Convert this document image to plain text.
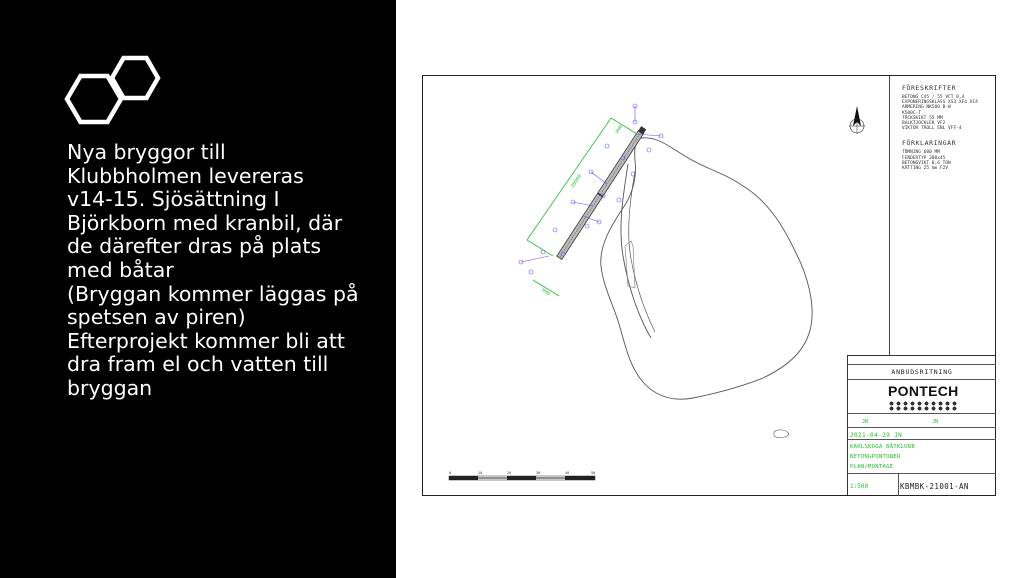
Nya bryggor till
Klubbholmen levereras
v14-15. Sjösättning I
Björkborn med kranbil, där
de därefter dras på plats
med båtar
(Bryggan kommer läggas på
spetsen av piren)
Efterprojekt kommer bli att
dra fram el och vatten till
bryggan
30000
3000
3000
0	10	20	30	40	50
FÖRESKRIFTER
BETONG C45 / 55 VCT 0,4
EXPONERINGSKLASS XS3 XF4 XC4
ARMERING NK500 B-W
K500C-T
TÄCKSKIKT 55 MM
BALKTJOCKLEK VF2
VIKTOR TROLL ENL VFF-4
FÖRKLARINGAR
TÖMNING 600 MM
FENDERTYP 300x45
BETONGVIKT 0,6 TON
KÄTTING 25 mm F2V
ANBUDSRITNING
PONTECH
JN	JN
2021-04-29 JN
KARLSKOGA BÅTKLUBB
BETONGPONTONER
PLAN/MONTAGE
1:500	KBMBK-21001-AN
